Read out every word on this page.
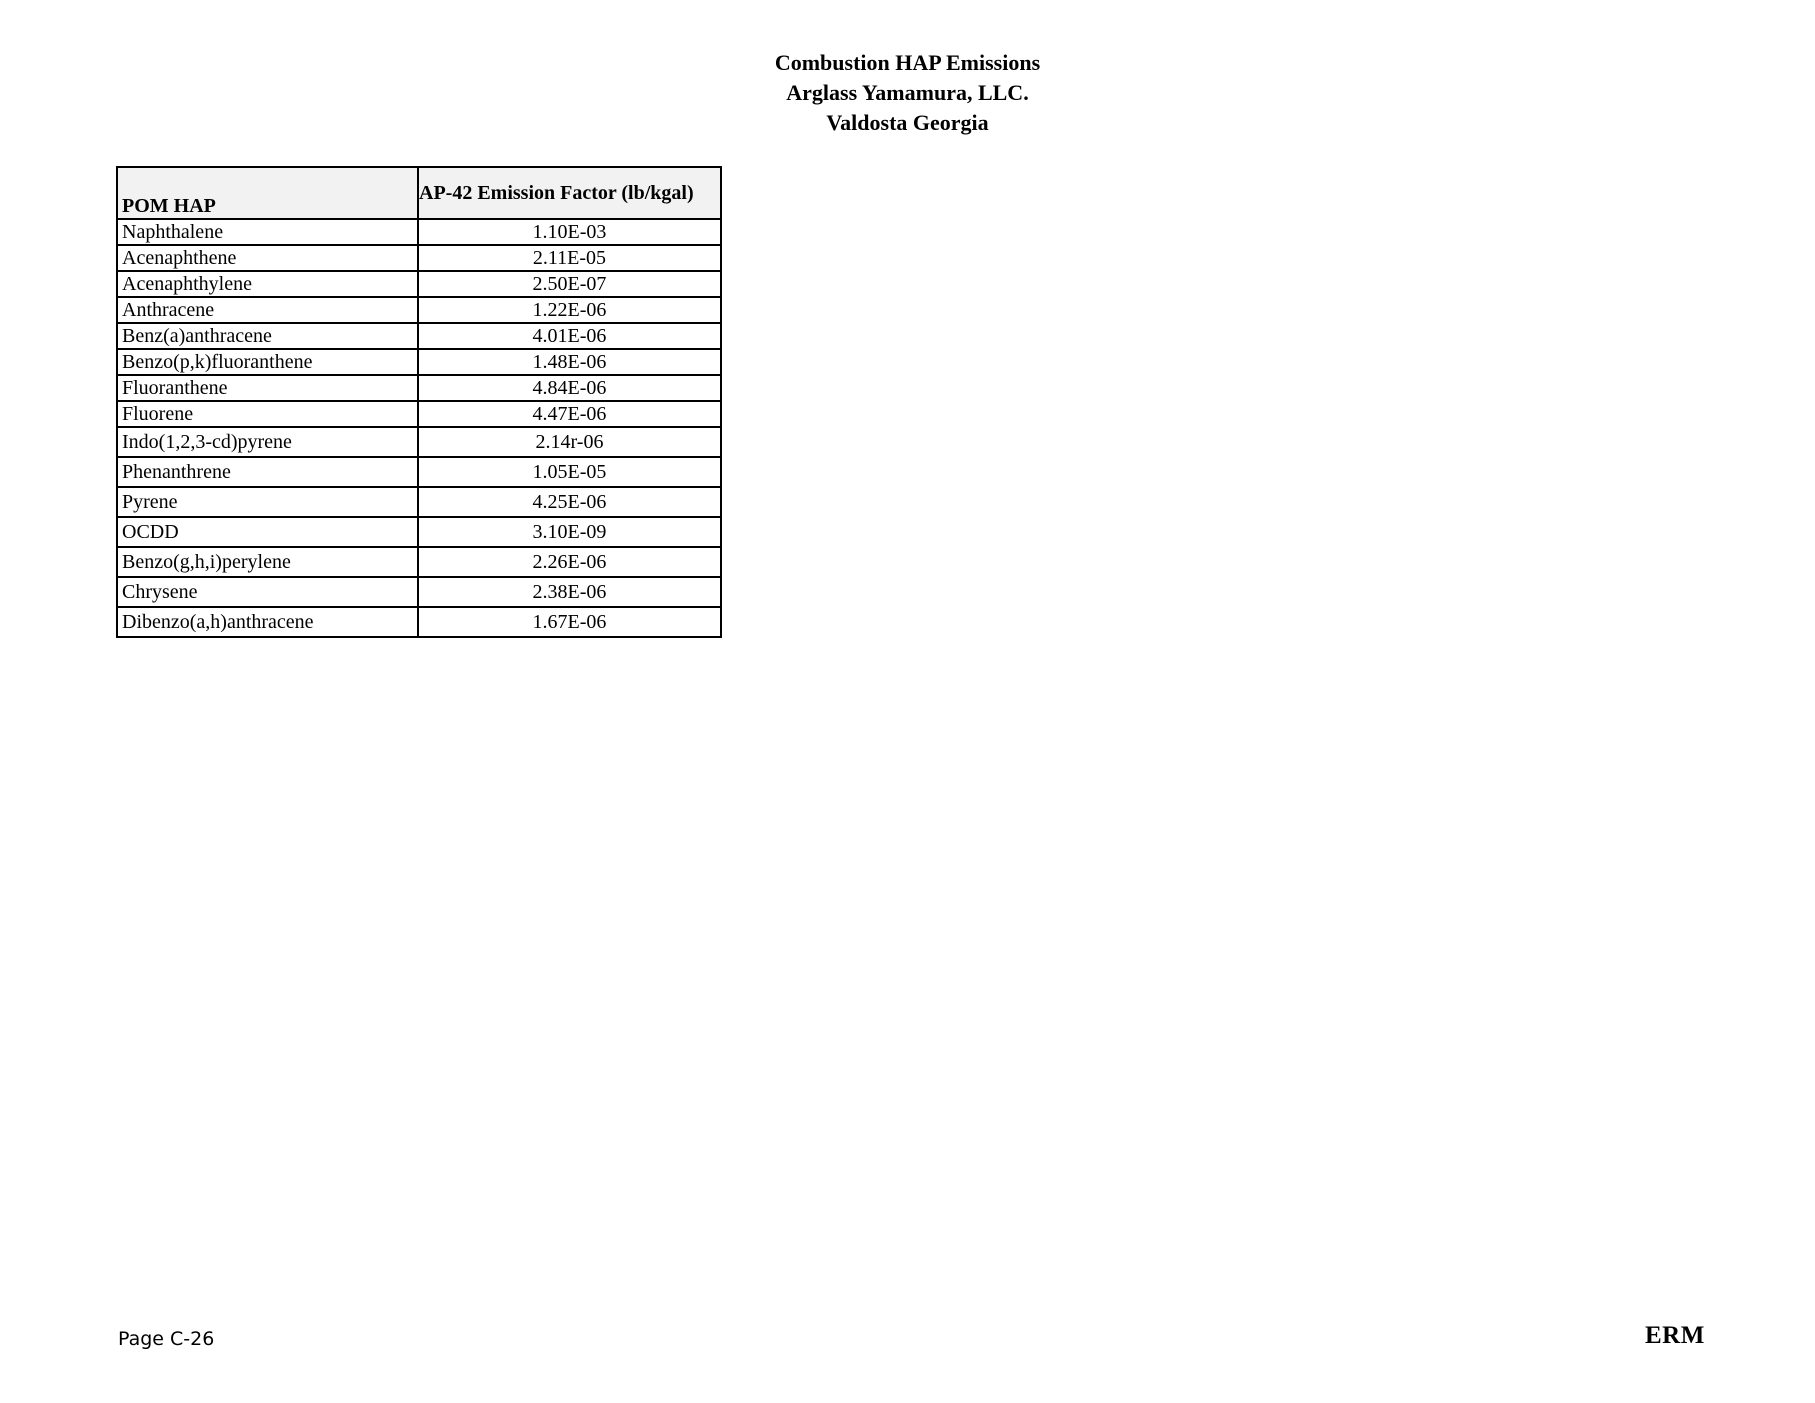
Combustion HAP Emissions
Arglass Yamamura, LLC.
Valdosta Georgia
POM HAP	AP-42 Emission Factor (lb/kgal)
Naphthalene	1.10E-03
Acenaphthene	2.11E-05
Acenaphthylene	2.50E-07
Anthracene	1.22E-06
Benz(a)anthracene	4.01E-06
Benzo(p,k)fluoranthene	1.48E-06
Fluoranthene	4.84E-06
Fluorene	4.47E-06
Indo(1,2,3-cd)pyrene	2.14r-06
Phenanthrene	1.05E-05
Pyrene	4.25E-06
OCDD	3.10E-09
Benzo(g,h,i)perylene	2.26E-06
Chrysene	2.38E-06
Dibenzo(a,h)anthracene	1.67E-06
Page C-26	ERM
